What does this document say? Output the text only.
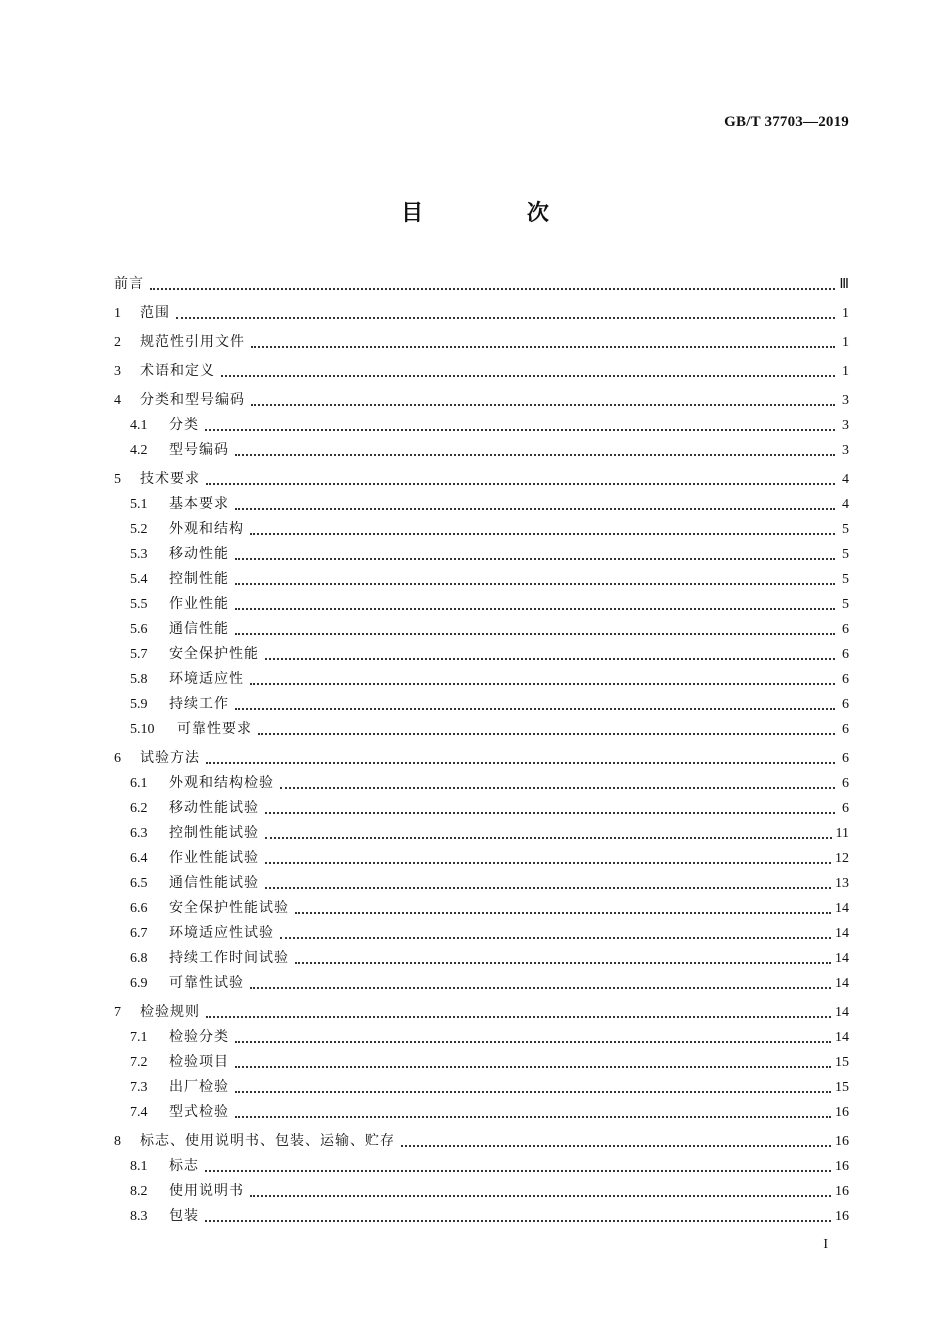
GB/T 37703—2019
目 次
前言	Ⅲ
1	范围	1
2	规范性引用文件	1
3	术语和定义	1
4	分类和型号编码	3
4.1	分类	3
4.2	型号编码	3
5	技术要求	4
5.1	基本要求	4
5.2	外观和结构	5
5.3	移动性能	5
5.4	控制性能	5
5.5	作业性能	5
5.6	通信性能	6
5.7	安全保护性能	6
5.8	环境适应性	6
5.9	持续工作	6
5.10	可靠性要求	6
6	试验方法	6
6.1	外观和结构检验	6
6.2	移动性能试验	6
6.3	控制性能试验	11
6.4	作业性能试验	12
6.5	通信性能试验	13
6.6	安全保护性能试验	14
6.7	环境适应性试验	14
6.8	持续工作时间试验	14
6.9	可靠性试验	14
7	检验规则	14
7.1	检验分类	14
7.2	检验项目	15
7.3	出厂检验	15
7.4	型式检验	16
8	标志、使用说明书、包装、运输、贮存	16
8.1	标志	16
8.2	使用说明书	16
8.3	包装	16
I
